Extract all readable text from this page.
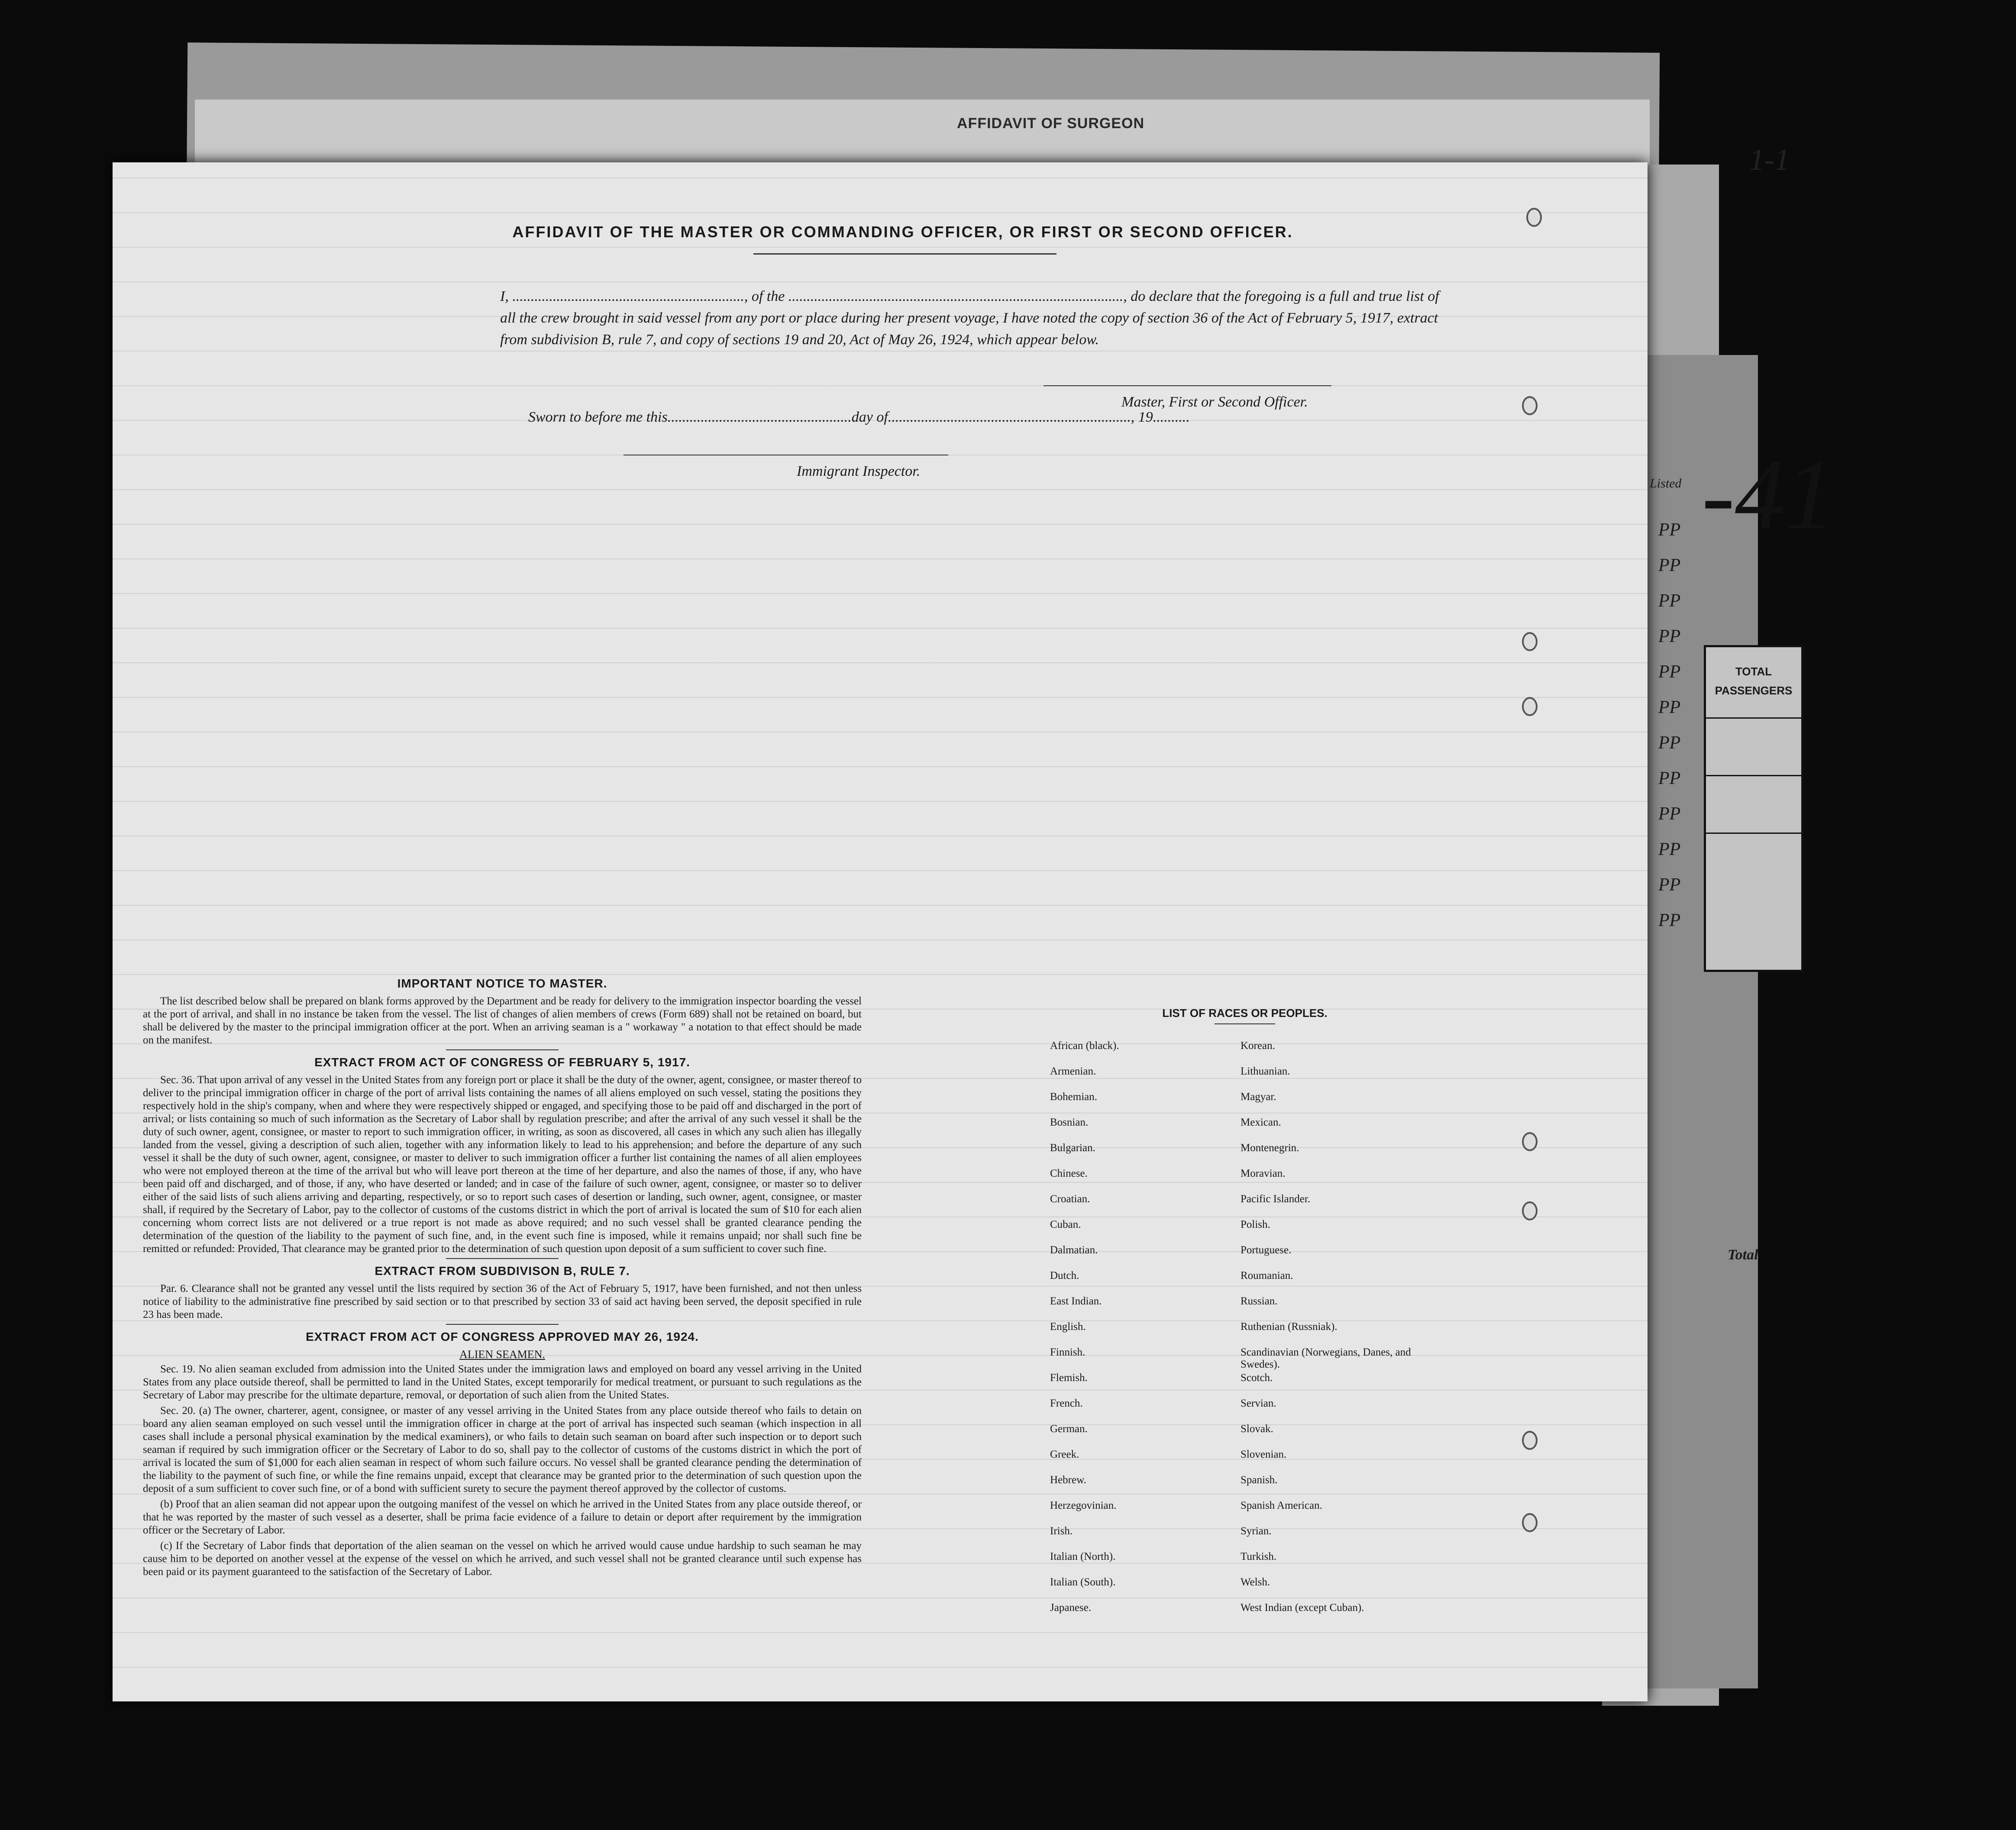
AFFIDAVIT OF SURGEON
1-1
AFFIDAVIT OF THE MASTER OR COMMANDING OFFICER, OR FIRST OR SECOND OFFICER.
I, ..............................................................., of the ..........................................................................................., do declare that the foregoing is a full and true list of all the crew brought in said vessel from any port or place during her present voyage, I have noted the copy of section 36 of the Act of February 5, 1917, extract from subdivision B, rule 7, and copy of sections 19 and 20, Act of May 26, 1924, which appear below.
Master, First or Second Officer.
Sworn to before me this..................................................day of.................................................................., 19..........
Immigrant Inspector.
IMPORTANT NOTICE TO MASTER.

The list described below shall be prepared on blank forms approved by the Department and be ready for delivery to the immigration inspector boarding the vessel at the port of arrival, and shall in no instance be taken from the vessel. The list of changes of alien members of crews (Form 689) shall not be retained on board, but shall be delivered by the master to the principal immigration officer at the port. When an arriving seaman is a " workaway " a notation to that effect should be made on the manifest.

EXTRACT FROM ACT OF CONGRESS OF FEBRUARY 5, 1917.

Sec. 36. That upon arrival of any vessel in the United States from any foreign port or place it shall be the duty of the owner, agent, consignee, or master thereof to deliver to the principal immigration officer in charge of the port of arrival lists containing the names of all aliens employed on such vessel, stating the positions they respectively hold in the ship's company, when and where they were respectively shipped or engaged, and specifying those to be paid off and discharged in the port of arrival; or lists containing so much of such information as the Secretary of Labor shall by regulation prescribe; and after the arrival of any such vessel it shall be the duty of such owner, agent, consignee, or master to report to such immigration officer, in writing, as soon as discovered, all cases in which any such alien has illegally landed from the vessel, giving a description of such alien, together with any information likely to lead to his apprehension; and before the departure of any such vessel it shall be the duty of such owner, agent, consignee, or master to deliver to such immigration officer a further list containing the names of all alien employees who were not employed thereon at the time of the arrival but who will leave port thereon at the time of her departure, and also the names of those, if any, who have been paid off and discharged, and of those, if any, who have deserted or landed; and in case of the failure of such owner, agent, consignee, or master so to deliver either of the said lists of such aliens arriving and departing, respectively, or so to report such cases of desertion or landing, such owner, agent, consignee, or master shall, if required by the Secretary of Labor, pay to the collector of customs of the customs district in which the port of arrival is located the sum of $10 for each alien concerning whom correct lists are not delivered or a true report is not made as above required; and no such vessel shall be granted clearance pending the determination of the question of the liability to the payment of such fine, and, in the event such fine is imposed, while it remains unpaid; nor shall such fine be remitted or refunded: Provided, That clearance may be granted prior to the determination of such question upon deposit of a sum sufficient to cover such fine.

EXTRACT FROM SUBDIVISON B, RULE 7.

Par. 6. Clearance shall not be granted any vessel until the lists required by section 36 of the Act of February 5, 1917, have been furnished, and not then unless notice of liability to the administrative fine prescribed by said section or to that prescribed by section 33 of said act having been served, the deposit specified in rule 23 has been made.

EXTRACT FROM ACT OF CONGRESS APPROVED MAY 26, 1924.
ALIEN SEAMEN.

Sec. 19. No alien seaman excluded from admission into the United States under the immigration laws and employed on board any vessel arriving in the United States from any place outside thereof, shall be permitted to land in the United States, except temporarily for medical treatment, or pursuant to such regulations as the Secretary of Labor may prescribe for the ultimate departure, removal, or deportation of such alien from the United States.

Sec. 20. (a) The owner, charterer, agent, consignee, or master of any vessel arriving in the United States from any place outside thereof who fails to detain on board any alien seaman employed on such vessel until the immigration officer in charge at the port of arrival has inspected such seaman (which inspection in all cases shall include a personal physical examination by the medical examiners), or who fails to detain such seaman on board after such inspection or to deport such seaman if required by such immigration officer or the Secretary of Labor to do so, shall pay to the collector of customs of the customs district in which the port of arrival is located the sum of $1,000 for each alien seaman in respect of whom such failure occurs. No vessel shall be granted clearance pending the determination of the liability to the payment of such fine, or while the fine remains unpaid, except that clearance may be granted prior to the determination of such question upon the deposit of a sum sufficient to cover such fine, or of a bond with sufficient surety to secure the payment thereof approved by the collector of customs.

(b) Proof that an alien seaman did not appear upon the outgoing manifest of the vessel on which he arrived in the United States from any place outside thereof, or that he was reported by the master of such vessel as a deserter, shall be prima facie evidence of a failure to detain or deport after requirement by the immigration officer or the Secretary of Labor.

(c) If the Secretary of Labor finds that deportation of the alien seaman on the vessel on which he arrived would cause undue hardship to such seaman he may cause him to be deported on another vessel at the expense of the vessel on which he arrived, and such vessel shall not be granted clearance until such expense has been paid or its payment guaranteed to the satisfaction of the Secretary of Labor.

LIST OF RACES OR PEOPLES.
African (black).	Korean.
Armenian.	Lithuanian.
Bohemian.	Magyar.
Bosnian.	Mexican.
Bulgarian.	Montenegrin.
Chinese.	Moravian.
Croatian.	Pacific Islander.
Cuban.	Polish.
Dalmatian.	Portuguese.
Dutch.	Roumanian.
East Indian.	Russian.
English.	Ruthenian (Russniak).
Finnish.	Scandinavian (Norwegians, Danes, and Swedes).
Flemish.	Scotch.
French.	Servian.
German.	Slovak.
Greek.	Slovenian.
Hebrew.	Spanish.
Herzegovinian.	Spanish American.
Irish.	Syrian.
Italian (North).	Turkish.
Italian (South).	Welsh.
Japanese.	West Indian (except Cuban).
-41
Listed
PP
PP
PP
PP
PP
PP
PP
PP
PP
PP
PP
PP
TOTAL PASSENGERS
Total
